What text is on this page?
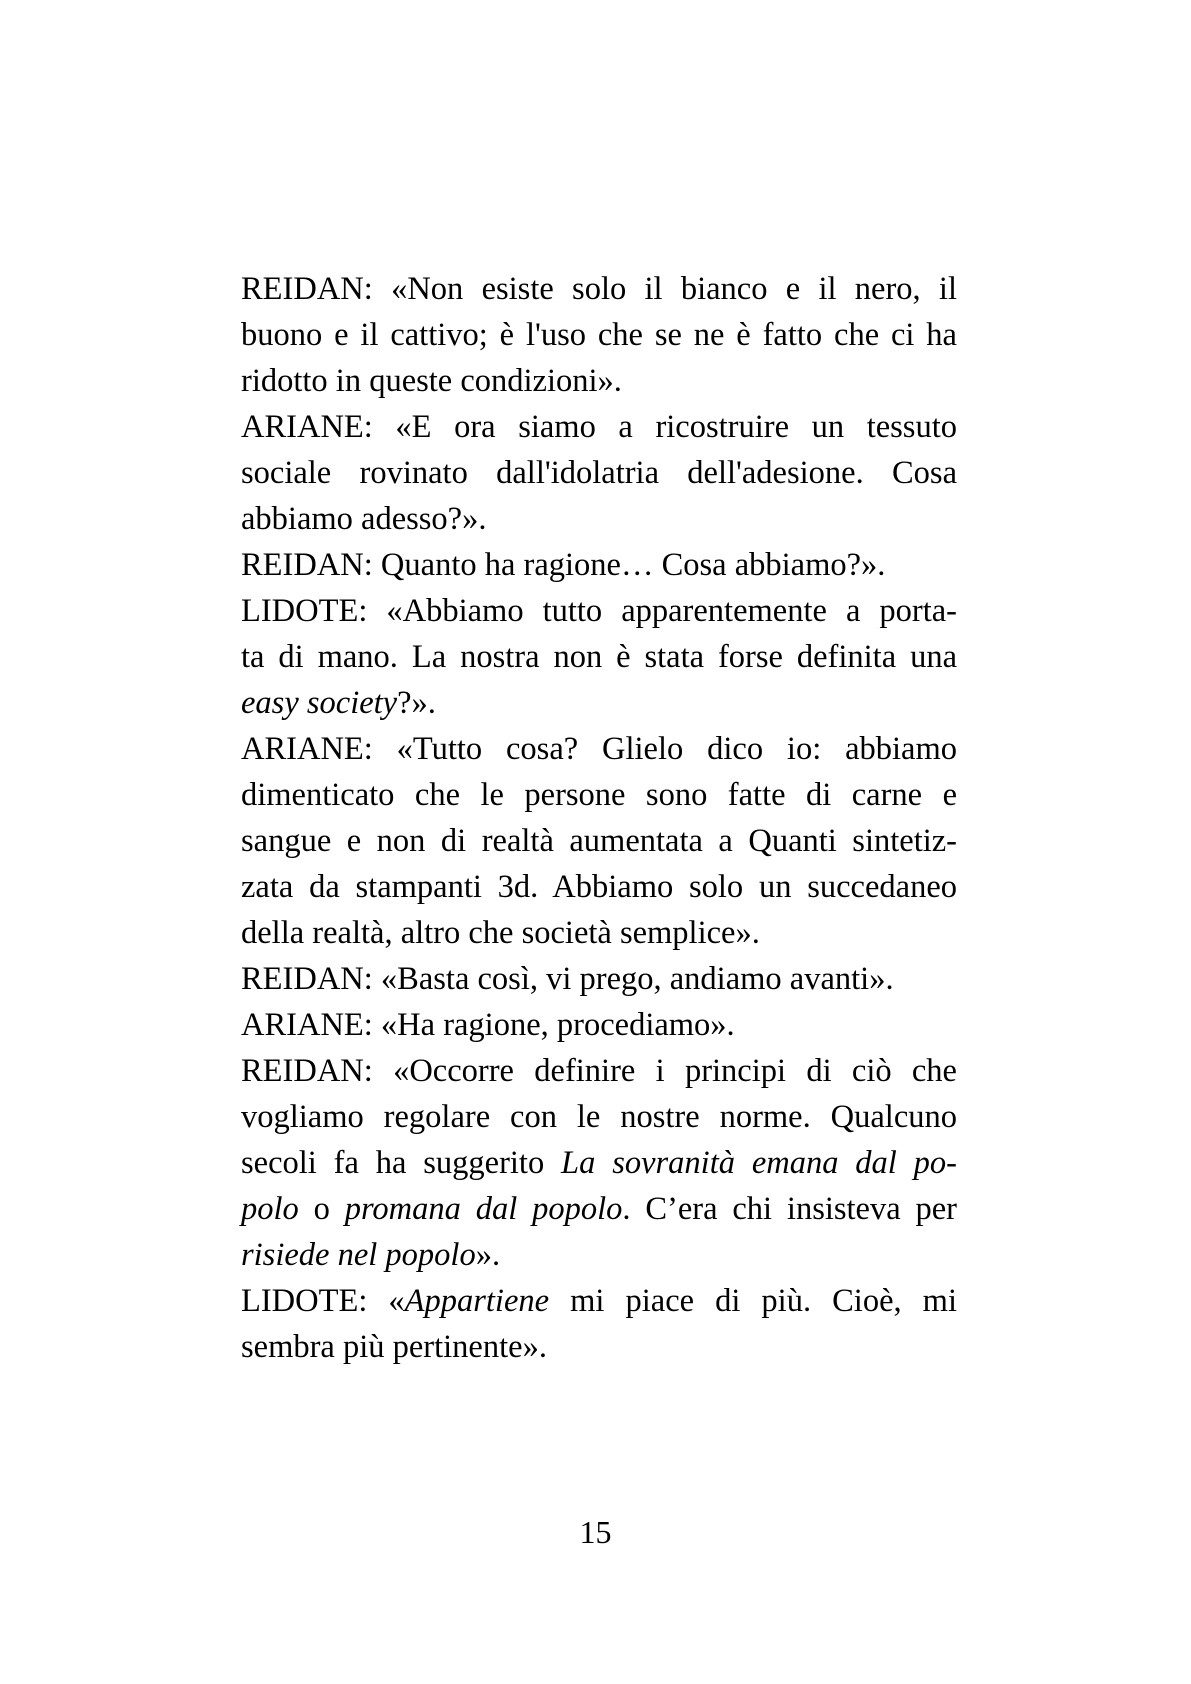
REIDAN: «Non esiste solo il bianco e il nero, il
buono e il cattivo; è l'uso che se ne è fatto che ci ha
ridotto in queste condizioni».
ARIANE: «E ora siamo a ricostruire un tessuto
sociale rovinato dall'idolatria dell'adesione. Cosa
abbiamo adesso?».
REIDAN: Quanto ha ragione… Cosa abbiamo?».
LIDOTE: «Abbiamo tutto apparentemente a porta-
ta di mano. La nostra non è stata forse definita una
easy society?».
ARIANE: «Tutto cosa? Glielo dico io: abbiamo
dimenticato che le persone sono fatte di carne e
sangue e non di realtà aumentata a Quanti sintetiz-
zata da stampanti 3d. Abbiamo solo un succedaneo
della realtà, altro che società semplice».
REIDAN: «Basta così, vi prego, andiamo avanti».
ARIANE: «Ha ragione, procediamo».
REIDAN: «Occorre definire i principi di ciò che
vogliamo regolare con le nostre norme. Qualcuno
secoli fa ha suggerito La sovranità emana dal po-
polo o promana dal popolo. C’era chi insisteva per
risiede nel popolo».
LIDOTE: «Appartiene mi piace di più. Cioè, mi
sembra più pertinente».
15
